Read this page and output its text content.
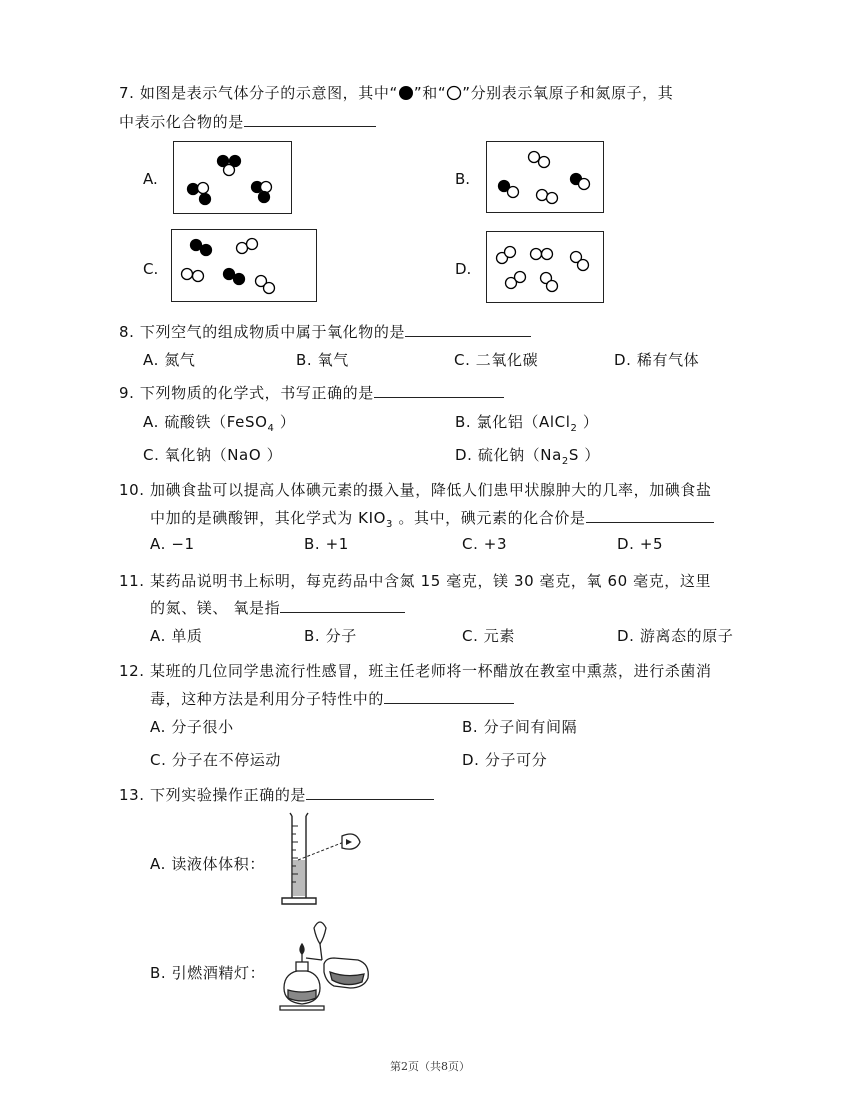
7. 如图是表示气体分子的示意图，其中“ ”和“ ”分别表示氧原子和氮原子，其
中表示化合物的是
A.	B.
C.	D.
8. 下列空气的组成物质中属于氧化物的是
A. 氮气	B. 氧气	C. 二氧化碳	D. 稀有气体
9. 下列物质的化学式，书写正确的是
A. 硫酸铁（FeSO$_4$ ）	B. 氯化铝（AlCl$_2$ ）
C. 氧化钠（NaO ）	D. 硫化钠（$Na_2S$ ）
10. 加碘食盐可以提高人体碘元素的摄入量，降低人们患甲状腺肿大的几率，加碘食盐
中加的是碘酸钾，其化学式为 $KIO_3$ 。其中，碘元素的化合价是
A. −1	B. +1	C. +3	D. +5
11. 某药品说明书上标明，每克药品中含氮 15 毫克，镁 30 毫克，氧 60 毫克，这里
的氮、镁、 氧是指
A. 单质	B. 分子	C. 元素	D. 游离态的原子
12. 某班的几位同学患流行性感冒，班主任老师将一杯醋放在教室中熏蒸，进行杀菌消
毒，这种方法是利用分子特性中的
A. 分子很小	B. 分子间有间隔
C. 分子在不停运动	D. 分子可分
13. 下列实验操作正确的是
A. 读液体体积：
B. 引燃酒精灯：
第2页（共8页）
